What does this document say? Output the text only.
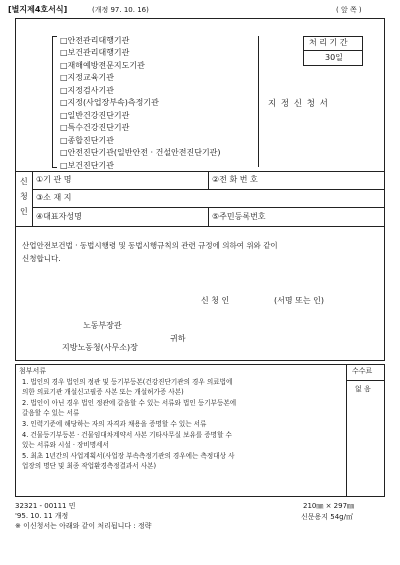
[별지제4호서식]	(개정 97. 10. 16)	( 앞 쪽 )
□안전관리대행기관
□보건관리대행기관
□재해예방전문지도기관
□지정교육기관
□지정검사기관
□지정(사업장부속)측정기관
□일반건강진단기관
□특수건강진단기관
□종합진단기관
□안전진단기관(일반안전 · 건설안전진단기관)
□보건진단기관
지 정 신 청 서
처 리 기 간
30일
신
청
인
①기 관 명	②전 화 번 호
③소 재 지
④대표자성명	⑤주민등록번호
산업안전보건법 · 동법시행령 및 동법시행규칙의 관련 규정에 의하여 위와 같이
신청합니다.
신 청 인	(서명 또는 인)
노동부장관
귀하
지방노동청(사무소)장
수수료
없 음
첨부서류
1. 법인의 경우 법인의 정관 및 등기부등본(건강진단기관의 경우 의료법에
의한 의료기관 개설신고필증 사본 또는 개설허가증 사본)
2. 법인이 아닌 경우 법인 정관에 갈음할 수 있는 서류와 법인 등기부등본에
갈음할 수 있는 서류
3. 인력기준에 해당하는 자의 자격과 채용을 증명할 수 있는 서류
4. 건물등기부등본 · 건물임대차계약서 사본 기타사무실 보유를 증명할 수
있는 서류와 시설 · 장비명세서
5. 최초 1년간의 사업계획서(사업장 부속측정기관의 경우에는 측정대상 사
업장의 명단 및 최종 작업환경측정결과서 사본)
32321 - 00111 민
'95. 10. 11 개정
※ 이신청서는 아래와 같이 처리됩니다 : 정략
210㎜ × 297㎜
신문용지 54g/㎡
